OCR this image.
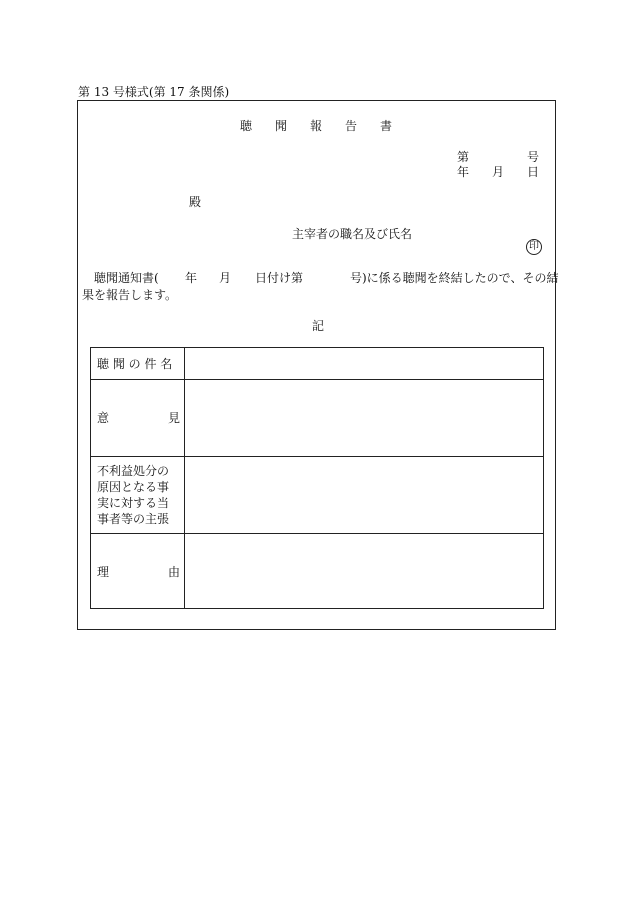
第 13 号様式(第 17 条関係)
聴 聞 報 告 書
第	号
年 月 日
殿
主宰者の職名及び氏名
印
聴聞通知書( 年 月 日付け第	号)に係る聴聞を終結したので、その結
果を報告します。
記
聴 聞 の 件 名
意	見
不利益処分の原因となる事実に対する当事者等の主張
理	由
